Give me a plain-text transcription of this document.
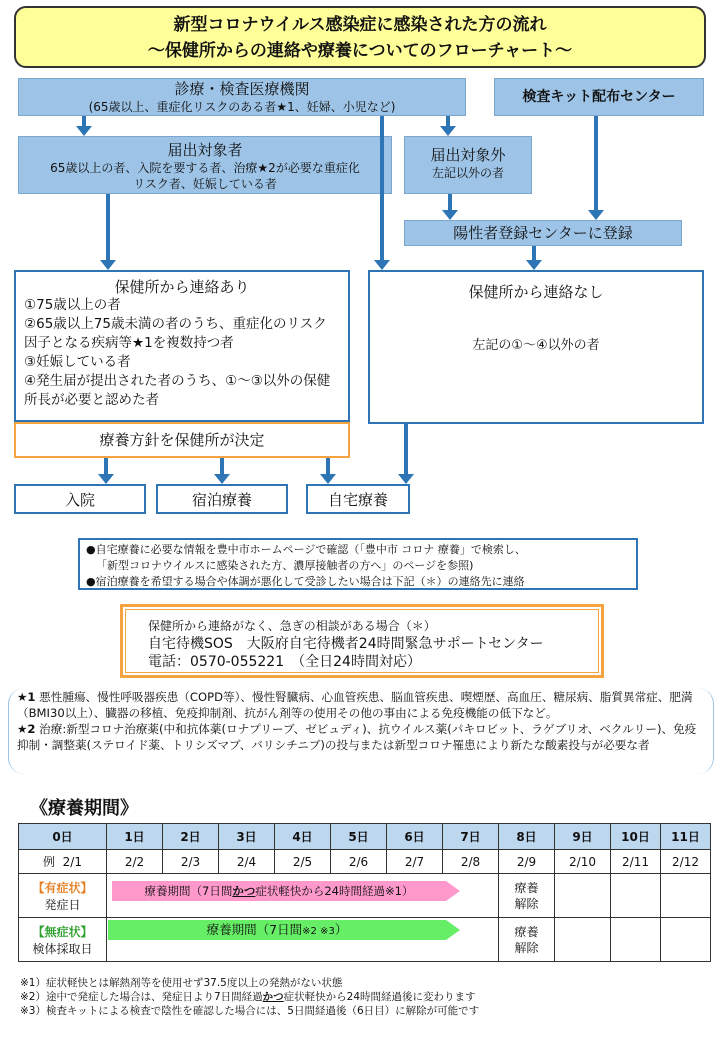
新型コロナウイルス感染症に感染された方の流れ
～保健所からの連絡や療養についてのフローチャート～
診療・検査医療機関
(65歳以上、重症化リスクのある者★1、妊婦、小児など)
検査キット配布センター
届出対象者
65歳以上の者、入院を要する者、治療★2が必要な重症化リスク者、妊娠している者
届出対象外
左記以外の者
陽性者登録センターに登録
保健所から連絡あり
①75歳以上の者
②65歳以上75歳未満の者のうち、重症化のリスク因子となる疾病等★1を複数持つ者
③妊娠している者
④発生届が提出された者のうち、①～③以外の保健所長が必要と認めた者
保健所から連絡なし
左記の①～④以外の者
療養方針を保健所が決定
入院	宿泊療養	自宅療養
●自宅療養に必要な情報を豊中市ホームページで確認（「豊中市 コロナ 療養」で検索し、
「新型コロナウイルスに感染された方、濃厚接触者の方へ」のページを参照)
●宿泊療養を希望する場合や体調が悪化して受診したい場合は下記（＊）の連絡先に連絡
保健所から連絡がなく、急ぎの相談がある場合（＊）
自宅待機SOS　大阪府自宅待機者24時間緊急サポートセンター
電話：0570-055221　（全日24時間対応）
★1 悪性腫瘍、慢性呼吸器疾患（COPD等）、慢性腎臓病、心血管疾患、脳血管疾患、喫煙歴、高血圧、糖尿病、脂質異常症、肥満（BMI30以上）、臓器の移植、免疫抑制剤、抗がん剤等の使用その他の事由による免疫機能の低下など。
★2 治療:新型コロナ治療薬(中和抗体薬(ロナプリーブ、ゼビュディ)、抗ウイルス薬(パキロビット、ラゲブリオ、ベクルリー)、免疫抑制・調整薬(ステロイド薬、トリシズマブ、バリシチニブ)の投与または新型コロナ罹患により新たな酸素投与が必要な者
《療養期間》
0日	1日	2日	3日	4日	5日	6日	7日	8日	9日	10日	11日
例 2/1	2/2	2/3	2/4	2/5	2/6	2/7	2/8	2/9	2/10	2/11	2/12

【有症状】
発症日								療養解除			

【無症状】
検体採取日								療養解除			
療養期間（7日間かつ症状軽快から24時間経過※1）
療養期間（7日間※2 ※3）
※1）症状軽快とは解熱剤等を使用せず37.5度以上の発熱がない状態
※2）途中で発症した場合は、発症日より7日間経過かつ症状軽快から24時間経過後に変わります
※3）検査キットによる検査で陰性を確認した場合には、5日間経過後（6日目）に解除が可能です
